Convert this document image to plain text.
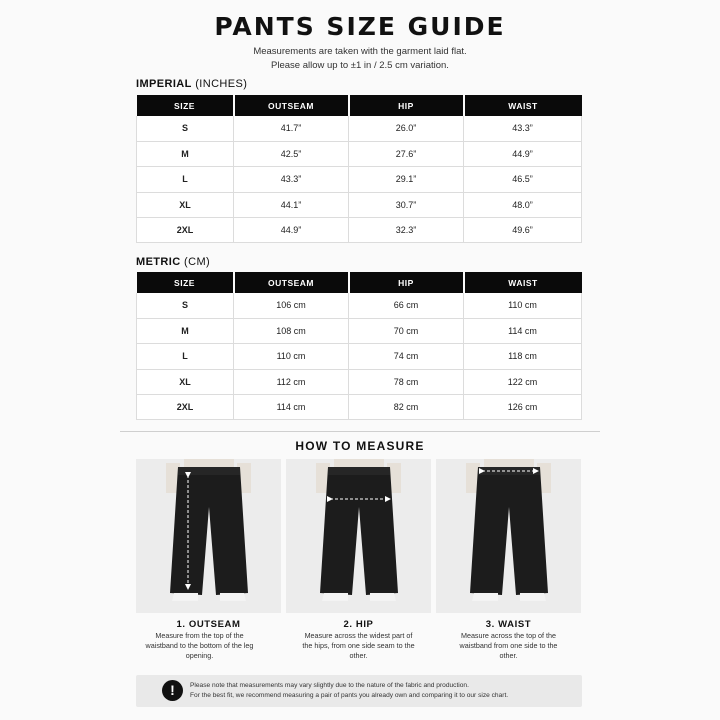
PANTS SIZE GUIDE
Measurements are taken with the garment laid flat.
Please allow up to ±1 in / 2.5 cm variation.
IMPERIAL (INCHES)
SIZE	OUTSEAM	HIP	WAIST
S	41.7”	26.0”	43.3”
M	42.5”	27.6”	44.9”
L	43.3”	29.1”	46.5”
XL	44.1”	30.7”	48.0”
2XL	44.9”	32.3”	49.6”
METRIC (CM)
SIZE	OUTSEAM	HIP	WAIST
S	106 cm	66 cm	110 cm
M	108 cm	70 cm	114 cm
L	110 cm	74 cm	118 cm
XL	112 cm	78 cm	122 cm
2XL	114 cm	82 cm	126 cm
HOW TO MEASURE
1. OUTSEAM	2. HIP	3. WAIST
Measure from the top of the waistband to the bottom of the leg opening.
Measure across the widest part of the hips, from one side seam to the other.
Measure across the top of the waistband from one side to the other.
!	Please note that measurements may vary slightly due to the nature of the fabric and production.
For the best fit, we recommend measuring a pair of pants you already own and comparing it to our size chart.
